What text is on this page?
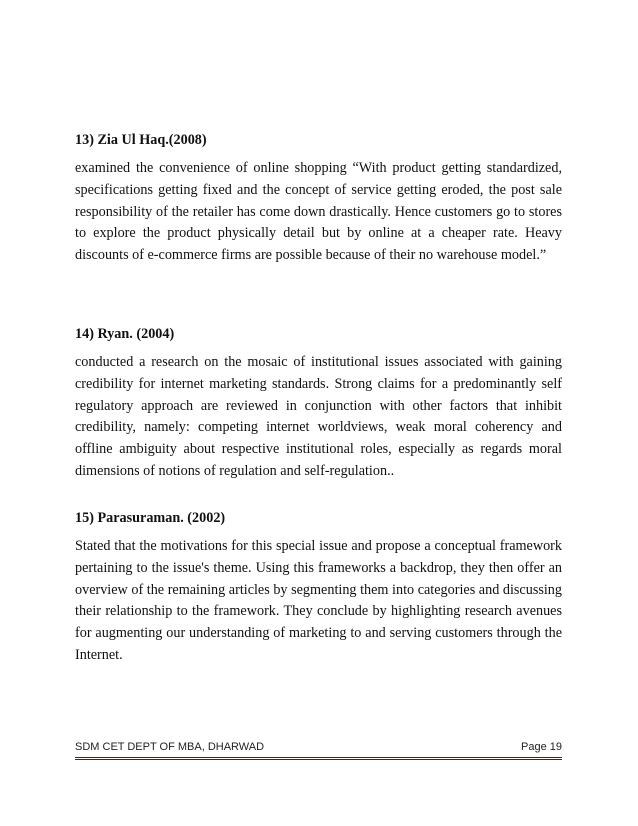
13) Zia Ul Haq.(2008)

examined the convenience of online shopping “With product getting standardized, specifications getting fixed and the concept of service getting eroded, the post sale responsibility of the retailer has come down drastically. Hence customers go to stores to explore the product physically detail but by online at a cheaper rate. Heavy discounts of e-commerce firms are possible because of their no warehouse model.”

14) Ryan. (2004)

conducted a research on the mosaic of institutional issues associated with gaining credibility for internet marketing standards. Strong claims for a predominantly self regulatory approach are reviewed in conjunction with other factors that inhibit credibility, namely: competing internet worldviews, weak moral coherency and offline ambiguity about respective institutional roles, especially as regards moral dimensions of notions of regulation and self-regulation..

15) Parasuraman. (2002)

Stated that the motivations for this special issue and propose a conceptual framework pertaining to the issue's theme. Using this frameworks a backdrop, they then offer an overview of the remaining articles by segmenting them into categories and discussing their relationship to the framework. They conclude by highlighting research avenues for augmenting our understanding of marketing to and serving customers through the Internet.

SDM CET DEPT OF MBA, DHARWAD	Page 19
